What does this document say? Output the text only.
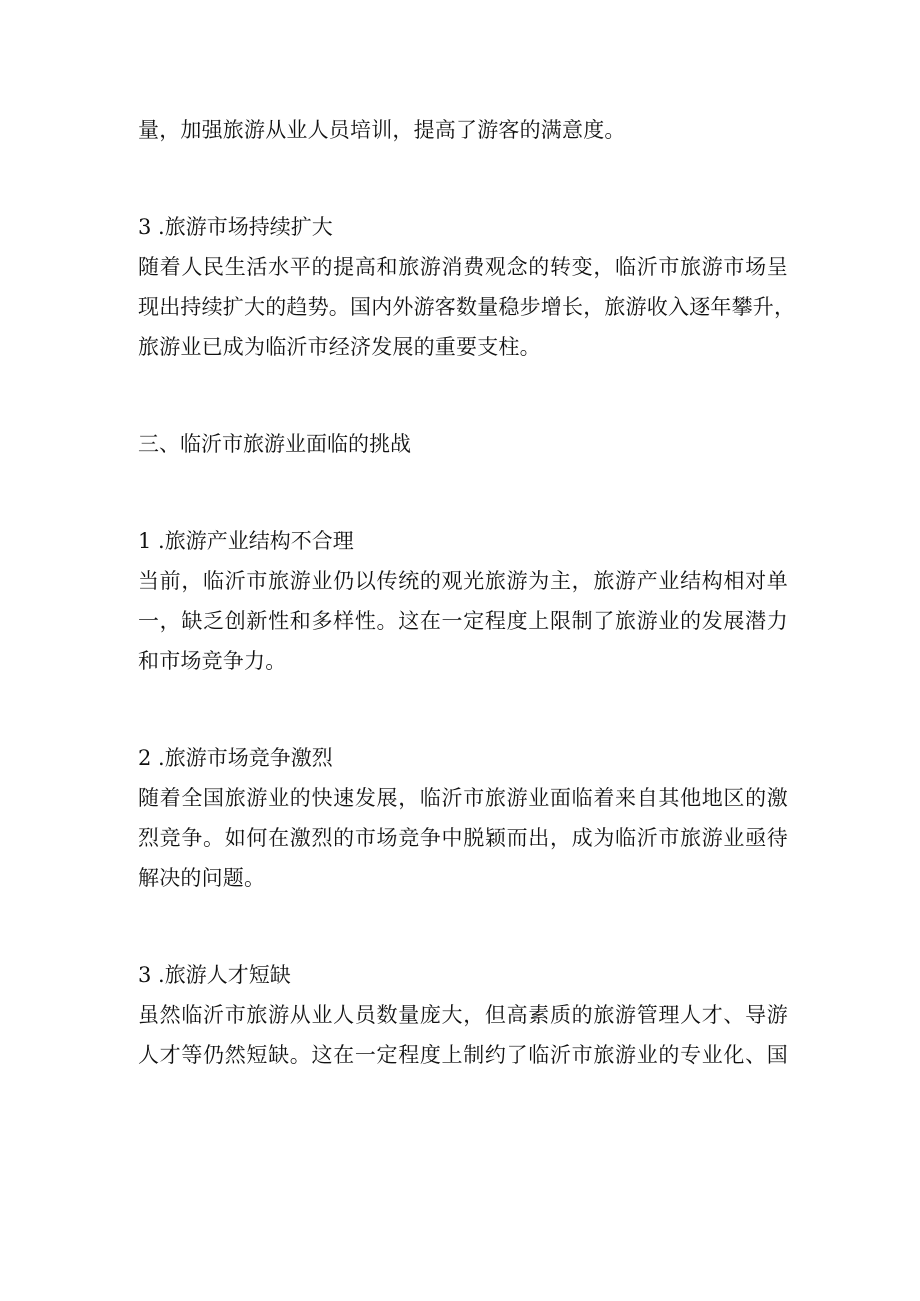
量，加强旅游从业人员培训，提高了游客的满意度。
3 .旅游市场持续扩大
随着人民生活水平的提高和旅游消费观念的转变，临沂市旅游市场呈
现出持续扩大的趋势。国内外游客数量稳步增长，旅游收入逐年攀升，
旅游业已成为临沂市经济发展的重要支柱。
三、临沂市旅游业面临的挑战
1 .旅游产业结构不合理
当前，临沂市旅游业仍以传统的观光旅游为主，旅游产业结构相对单
一，缺乏创新性和多样性。这在一定程度上限制了旅游业的发展潜力
和市场竞争力。
2 .旅游市场竞争激烈
随着全国旅游业的快速发展，临沂市旅游业面临着来自其他地区的激
烈竞争。如何在激烈的市场竞争中脱颖而出，成为临沂市旅游业亟待
解决的问题。
3 .旅游人才短缺
虽然临沂市旅游从业人员数量庞大，但高素质的旅游管理人才、导游
人才等仍然短缺。这在一定程度上制约了临沂市旅游业的专业化、国
